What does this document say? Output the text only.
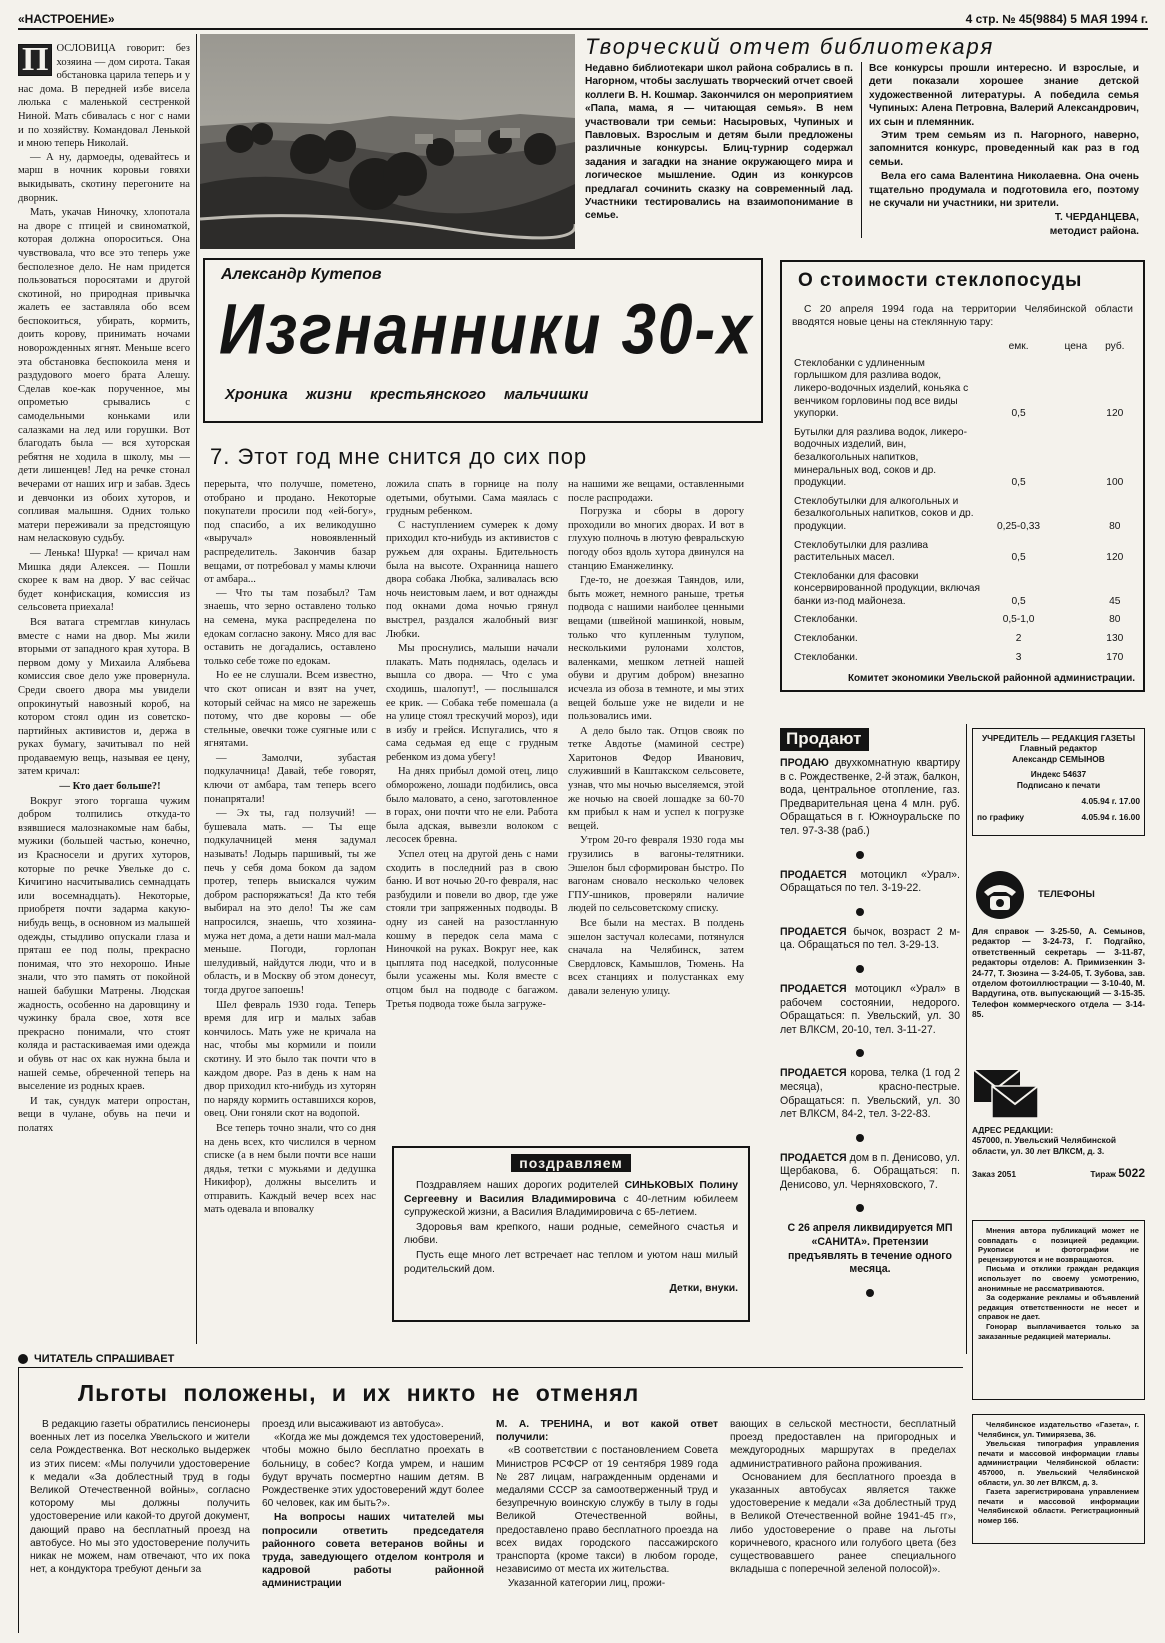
«НАСТРОЕНИЕ»	4 стр. № 45(9884) 5 МАЯ 1994 г.
П ОСЛОВИЦА говорит: без хозяина — дом сирота. Такая обстановка царила теперь и у нас дома. В передней избе висела люлька с маленькой сестренкой Ниной. Мать сбивалась с ног с нами и по хозяйству. Командовал Ленькой и мною теперь Николай.

— А ну, дармоеды, одевайтесь и марш в ночник коровьи говяхи выкидывать, скотину перегоните на дворник.

Мать, укачав Ниночку, хлопотала на дворе с птицей и свиноматкой, которая должна опороситься. Она чувствовала, что все это теперь уже бесполезное дело. Не нам придется пользоваться поросятами и другой скотиной, но природная привычка жалеть ее заставляла обо всем беспокоиться, убирать, кормить, доить корову, принимать ночами новорожденных ягнят. Меньше всего эта обстановка беспокоила меня и раздудового моего брата Алешу. Сделав кое-как порученное, мы опрометью срывались с самодельными коньками или салазками на лед или горушки. Вот благодать была — вся хуторская ребятня не ходила в школу, мы — дети лишенцев! Лед на речке стонал вечерами от наших игр и забав. Здесь и девчонки из обоих хуторов, и сопливая малышня. Одних только матери переживали за предстоящую нам нелаcковую судьбу.

— Ленька! Шурка! — кричал нам Мишка дяди Алексея. — Пошли скорее к вам на двор. У вас сейчас будет конфискация, комиссия из сельсовета приехала!

Вся ватага стремглав кинулась вместе с нами на двор. Мы жили вторыми от западного края хутора. В первом дому у Михаила Алябьева комиссия свое дело уже провернула. Среди своего двора мы увидели опрокинутый навозный короб, на котором стоял один из советско-партийных активистов и, держа в руках бумагу, зачитывал по ней продаваемую вещь, называя ее цену, затем кричал:

— Кто дает больше?!

Вокруг этого торгаша чужим добром толпились откуда-то взявшиеся малознакомые нам бабы, мужики (большей частью, конечно, из Красносели и других хуторов, которые по речке Увельке до с. Кичигино насчитывались семнадцать или восемнадцать). Некоторые, приобретя почти задарма какую-нибудь вещь, в основном из малышей одежды, стыдливо опускали глаза и пряташ ее под полы, прекрасно понимая, что это нехорошо. Иные знали, что это память от покойной нашей бабушки Матрены. Людская жадность, особенно на даровщину и чужинку брала свое, хотя все прекрасно понимали, что стоят коляда и растаскиваемая ими одежда и обувь от нас ох как нужна была и нашей семье, обреченной теперь на выселение из родных краев.

И так, сундук матери опростан, вещи в чулане, обувь на печи и полатях

Творческий отчет библиотекаря
Недавно библиотекари школ района собрались в п. Нагорном, чтобы заслушать творческий отчет своей коллеги В. Н. Кошмар. Закончился он мероприятием «Папа, мама, я — читающая семья». В нем участвовали три семьи: Насыровых, Чупиных и Павловых. Взрослым и детям были предложены различные конкурсы. Блиц-турнир содержал задания и загадки на знание окружающего мира и логическое мышление. Один из конкурсов предлагал сочинить сказку на современный лад. Участники тестировались на взаимопонимание в семье.
Все конкурсы прошли интересно. И взрослые, и дети показали хорошее знание детской художественной литературы. А победила семья Чупиных: Алена Петровна, Валерий Александрович, их сын и племянник.

Этим трем семьям из п. Нагорного, наверно, запомнится конкурс, проведенный как раз в год семьи.

Вела его сама Валентина Николаевна. Она очень тщательно продумала и подготовила его, поэтому не скучали ни участники, ни зрители.

Т. ЧЕРДАНЦЕВА,
методист района.
Александр Кутепов
Изгнанники 30-х
Хроника жизни крестьянского мальчишки
7. Этот год мне снится до сих пор
перерыта, что получше, пометено, отобрано и продано. Некоторые покупатели просили под «ей-богу», под спасибо, а их великодушно «выручал» новоявленный распределитель. Закончив базар вещами, от потребовал у мамы ключи от амбара...

— Что ты там позабыл? Там знаешь, что зерно оставлено только на семена, мука распределена по едокам согласно закону. Мясо для вас оставить не догадались, оставлено только себе тоже по едокам.

Но ее не слушали. Всем известно, что скот описан и взят на учет, который сейчас на мясо не зарежешь потому, что две коровы — обе стельные, овечки тоже суягные или с ягнятами.

— Замолчи, зубастая подкулачница! Давай, тебе говорят, ключи от амбара, там теперь всего понапрятали!

— Эх ты, гад ползучий! — бушевала мать. — Ты еще подкулачницей меня задумал называть! Лодырь паршивый, ты же печь у себя дома боком да задом протер, теперь выискался чужим добром распоряжаться! Да кто тебя выбирал на это дело! Ты же сам напросился, знаешь, что хозяина-мужа нет дома, а дети наши мал-мала меньше. Погоди, горлопан шелудивый, найдутся люди, что и в область, и в Москву об этом донесут, тогда другое запоешь!

Шел февраль 1930 года. Теперь время для игр и малых забав кончилось. Мать уже не кричала на нас, чтобы мы кормили и поили скотину. И это было так почти что в каждом дворе. Раз в день к нам на двор приходил кто-нибудь из хуторян по наряду кормить оставшихся коров, овец. Они гоняли скот на водопой.

Все теперь точно знали, что со дня на день всех, кто числился в черном списке (а в нем были почти все наши дядья, тетки с мужьями и дедушка Никифор), должны выселить и отправить. Каждый вечер всех нас мать одевала и вповалку

ложила спать в горнице на полу одетыми, обутыми. Сама маялась с грудным ребенком.

С наступлением сумерек к дому приходил кто-нибудь из активистов с ружьем для охраны. Бдительность была на высоте. Охранница нашего двора собака Любка, заливалась всю ночь неистовым лаем, и вот однажды под окнами дома ночью грянул выстрел, раздался жалобный визг Любки.

Мы проснулись, малыши начали плакать. Мать поднялась, оделась и вышла со двора. — Что с ума сходишь, шалопут!, — послышался ее крик. — Собака тебе помешала (а на улице стоял трескучий мороз), иди в избу и грейся. Испугались, что я сама седьмая ед еще с грудным ребенком из дома убегу!

На днях прибыл домой отец, лицо обморожено, лошади подбились, овса было маловато, а сено, заготовленное в горах, они почти что не ели. Работа была адская, вывезли волоком с лесосек бревна.

Успел отец на другой день с нами сходить в последний раз в свою баню. И вот ночью 20-го февраля, нас разбудили и повели во двор, где уже стояли три запряженных подводы. В одну из саней на разостланную кошму в передок села мама с Ниночкой на руках. Вокруг нее, как цыплята под наседкой, полусонные были усажены мы. Коля вместе с отцом был на подводе с багажом. Третья подвода тоже была загруже-

на нашими же вещами, оставленными после распродажи.

Погрузка и сборы в дорогу проходили во многих дворах. И вот в глухую полночь в лютую февральскую погоду обоз вдоль хутора двинулся на станцию Еманжелинку.

Где-то, не доезжая Таяндов, или, быть может, немного раньше, третья подвода с нашими наиболее ценными вещами (швейной машинкой, новым, только что купленным тулупом, несколькими рулонами холстов, валенками, мешком летней нашей обуви и другим добром) внезапно исчезла из обоза в темноте, и мы этих вещей больше уже не видели и не пользовались ими.

А дело было так. Отцов свояк по тетке Авдотье (маминой сестре) Харитонов Федор Иванович, служивший в Каштакском сельсовете, узнав, что мы ночью выселяемся, этой же ночью на своей лошадке за 60-70 км прибыл к нам и успел к погрузке вещей.

Утром 20-го февраля 1930 года мы грузились в вагоны-телятники. Эшелон был сформирован быстро. По вагонам сновало несколько человек ГПУ-шников, проверяли наличие людей по сельсоветскому списку.

Все были на местах. В полдень эшелон застучал колесами, потянулся сначала на Челябинск, затем Свердловск, Камышлов, Тюмень. На всех станциях и полустанках ему давали зеленую улицу.

поздравляем

Поздравляем наших дорогих родителей СИНЬКОВЫХ Полину Сергеевну и Василия Владимировича с 40-летним юбилеем супружеской жизни, а Василия Владимировича с 65-летием.

Здоровья вам крепкого, наши родные, семейного счастья и любви.

Пусть еще много лет встречает нас теплом и уютом наш милый родительский дом.

Детки, внуки.
О стоимости стеклопосуды

С 20 апреля 1994 года на территории Челябинской области вводятся новые цены на стеклянную тару:

	емк.	цена	руб.
Стеклобанки с удлиненным горлышком для разлива водок, ликеро-водочных изделий, коньяка с венчиком горловины под все виды укупорки.	0,5		120
Бутылки для разлива водок, ликеро-водочных изделий, вин, безалкогольных напитков, минеральных вод, соков и др. продукции.	0,5		100
Стеклобутылки для алкогольных и безалкогольных напитков, соков и др. продукции.	0,25-0,33		80
Стеклобутылки для разлива растительных масел.	0,5		120
Стеклобанки для фасовки консервированной продукции, включая банки из-под майонеза.	0,5		45
Стеклобанки.	0,5-1,0		80
Стеклобанки.	2		130
Стеклобанки.	3		170
Комитет экономики Увельской районной администрации.
Продают
ПРОДАЮ двухкомнатную квартиру в с. Рождественке, 2-й этаж, балкон, вода, центральное отопление, газ. Предварительная цена 4 млн. руб. Обращаться в г. Южноуральске по тел. 97-3-38 (раб.)
ПРОДАЕТСЯ мотоцикл «Урал». Обращаться по тел. 3-19-22.
ПРОДАЕТСЯ бычок, возраст 2 м-ца. Обращаться по тел. 3-29-13.
ПРОДАЕТСЯ мотоцикл «Урал» в рабочем состоянии, недорого. Обращаться: п. Увельский, ул. 30 лет ВЛКСМ, 20-10, тел. 3-11-27.
ПРОДАЕТСЯ корова, телка (1 год 2 месяца), красно-пестрые. Обращаться: п. Увельский, ул. 30 лет ВЛКСМ, 84-2, тел. 3-22-83.
ПРОДАЕТСЯ дом в п. Денисово, ул. Щербакова, 6. Обращаться: п. Денисово, ул. Черняховского, 7.
С 26 апреля ликвидируется МП «САНИТА». Претензии предъявлять в течение одного месяца.
УЧРЕДИТЕЛЬ — РЕДАКЦИЯ ГАЗЕТЫ
Главный редактор
Александр СЕМЫНОВ
Индекс 54637
Подписано к печати
4.05.94 г. 17.00
по графику	4.05.94 г. 16.00
ТЕЛЕФОНЫ
Для справок — 3-25-50, А. Семынов, редактор — 3-24-73, Г. Подгайко, ответственный секретарь — 3-11-87, редакторы отделов: А. Примизенкин 3-24-77, Т. Зюзина — 3-24-05, Т. Зубова, зав. отделом фотоиллюстрации — 3-10-40, М. Вардугина, отв. выпускающий — 3-15-35. Телефон коммерческого отдела — 3-14-85.
АДРЕС РЕДАКЦИИ:
457000, п. Увельский Челябинской области, ул. 30 лет ВЛКСМ, д. 3.
Заказ 2051	Тираж 5022

Мнения автора публикаций может не совпадать с позицией редакции. Рукописи и фотографии не рецензируются и не возвращаются.

Письма и отклики граждан редакция использует по своему усмотрению, анонимные не рассматриваются.

За содержание рекламы и объявлений редакция ответственности не несет и справок не дает.

Гонорар выплачивается только за заказанные редакцией материалы.

Челябинское издательство «Газета», г. Челябинск, ул. Тимирязева, 36.

Увельская типография управления печати и массовой информации главы администрации Челябинской области: 457000, п. Увельский Челябинской области, ул. 30 лет ВЛКСМ, д. 3.

Газета зарегистрирована управлением печати и массовой информации Челябинской области. Регистрационный номер 166.

ЧИТАТЕЛЬ СПРАШИВАЕТ
Льготы положены, и их никто не отменял

В редакцию газеты обратились пенсионеры военных лет из поселка Увельского и жители села Рождественка. Вот несколько выдержек из этих писем: «Мы получили удостоверение к медали «За доблестный труд в годы Великой Отечественной войны», согласно которому мы должны получить удостоверение или какой-то другой документ, дающий право на бесплатный проезд на автобусе. Но мы это удостоверение получить никак не можем, нам отвечают, что их пока нет, а кондуктора требуют деньги за

проезд или высаживают из автобуса».

«Когда же мы дождемся тех удостоверений, чтобы можно было бесплатно проехать в больницу, в собес? Когда умрем, и нашим будут вручать посмертно нашим детям. В Рождественке этих удостоверений ждут более 60 человек, как им быть?».

На вопросы наших читателей мы попросили ответить председателя районного совета ветеранов войны и труда, заведующего отделом контроля и кадровой работы районной администрации

М. А. ТРЕНИНА, и вот какой ответ получили:

«В соответствии с постановлением Совета Министров РСФСР от 19 сентября 1989 года № 287 лицам, награжденным орденами и медалями СССР за самоотверженный труд и безупречную воинскую службу в тылу в годы Великой Отечественной войны, предоставлено право бесплатного проезда на всех видах городского пассажирского транспорта (кроме такси) в любом городе, независимо от места их жительства.

Указанной категории лиц, прожи-

вающих в сельской местности, бесплатный проезд предоставлен на пригородных и междугородных маршрутах в пределах административного района проживания.

Основанием для бесплатного проезда в указанных автобусах является также удостоверение к медали «За доблестный труд в Великой Отечественной войне 1941-45 гг», либо удостоверение о праве на льготы коричневого, красного или голубого цвета (без существовавшего ранее специального вкладыша с поперечной зеленой полосой)».
